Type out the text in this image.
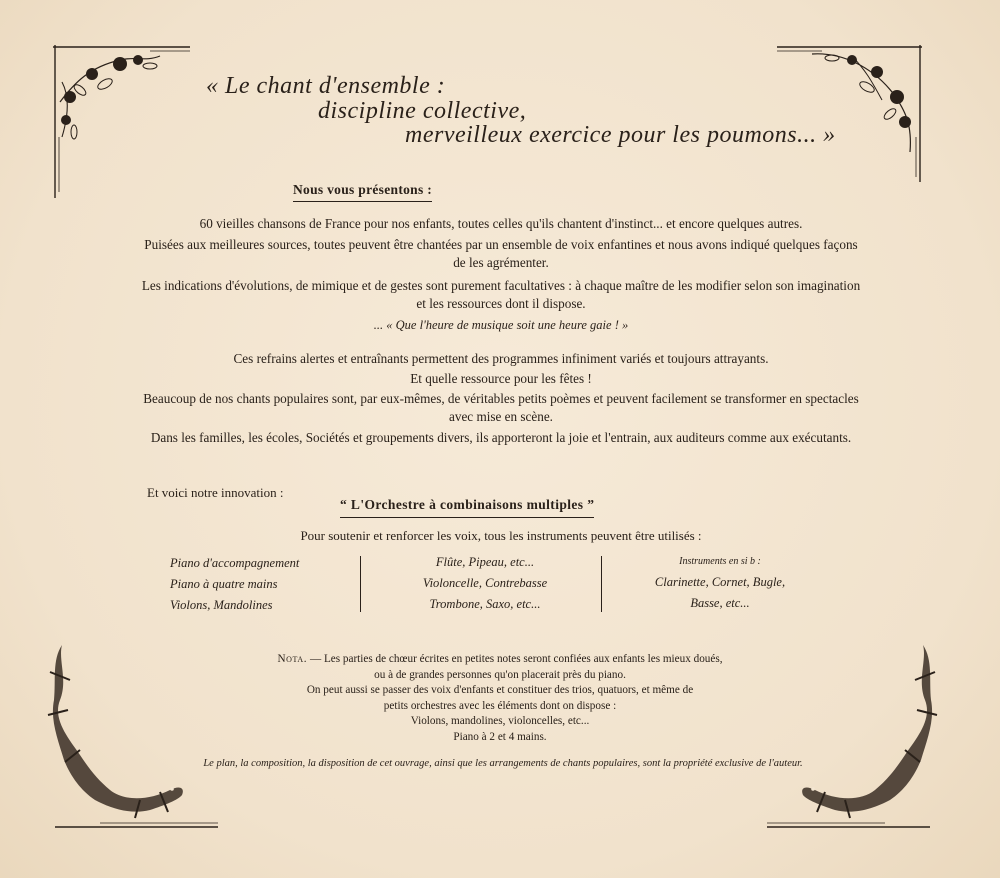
« Le chant d'ensemble :
discipline collective,
merveilleux exercice pour les poumons... »
Nous vous présentons :
60 vieilles chansons de France pour nos enfants, toutes celles qu'ils chantent d'instinct... et encore quelques autres.
Puisées aux meilleures sources, toutes peuvent être chantées par un ensemble de voix enfantines et nous avons indiqué quelques façons de les agrémenter.
Les indications d'évolutions, de mimique et de gestes sont purement facultatives : à chaque maître de les modifier selon son imagination et les ressources dont il dispose.
... « Que l'heure de musique soit une heure gaie ! »
Ces refrains alertes et entraînants permettent des programmes infiniment variés et toujours attrayants.
Et quelle ressource pour les fêtes !
Beaucoup de nos chants populaires sont, par eux-mêmes, de véritables petits poèmes et peuvent facilement se transformer en spectacles avec mise en scène.
Dans les familles, les écoles, Sociétés et groupements divers, ils apporteront la joie et l'entrain, aux auditeurs comme aux exécutants.
Et voici notre innovation :
“ L'Orchestre à combinaisons multiples ”
Pour soutenir et renforcer les voix, tous les instruments peuvent être utilisés :
Piano d'accompagnement
Piano à quatre mains
Violons, Mandolines
Flûte, Pipeau, etc...
Violoncelle, Contrebasse
Trombone, Saxo, etc...
Instruments en si b :
Clarinette, Cornet, Bugle,
Basse, etc...
Nota. — Les parties de chœur écrites en petites notes seront confiées aux enfants les mieux doués,
ou à de grandes personnes qu'on placerait près du piano.
On peut aussi se passer des voix d'enfants et constituer des trios, quatuors, et même de
petits orchestres avec les éléments dont on dispose :
Violons, mandolines, violoncelles, etc...
Piano à 2 et 4 mains.
Le plan, la composition, la disposition de cet ouvrage, ainsi que les arrangements de chants populaires, sont la propriété exclusive de l'auteur.
